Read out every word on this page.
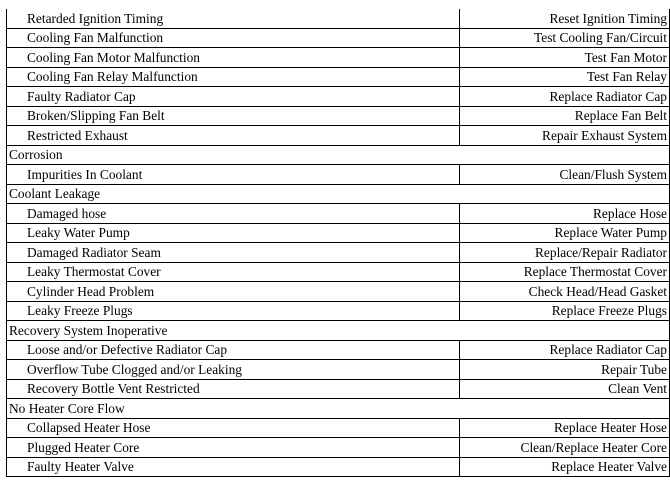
Retarded Ignition Timing	Reset Ignition Timing
Cooling Fan Malfunction	Test Cooling Fan/Circuit
Cooling Fan Motor Malfunction	Test Fan Motor
Cooling Fan Relay Malfunction	Test Fan Relay
Faulty Radiator Cap	Replace Radiator Cap
Broken/Slipping Fan Belt	Replace Fan Belt
Restricted Exhaust	Repair Exhaust System
Corrosion	
Impurities In Coolant	Clean/Flush System
Coolant Leakage	
Damaged hose	Replace Hose
Leaky Water Pump	Replace Water Pump
Damaged Radiator Seam	Replace/Repair Radiator
Leaky Thermostat Cover	Replace Thermostat Cover
Cylinder Head Problem	Check Head/Head Gasket
Leaky Freeze Plugs	Replace Freeze Plugs
Recovery System Inoperative	
Loose and/or Defective Radiator Cap	Replace Radiator Cap
Overflow Tube Clogged and/or Leaking	Repair Tube
Recovery Bottle Vent Restricted	Clean Vent
No Heater Core Flow	
Collapsed Heater Hose	Replace Heater Hose
Plugged Heater Core	Clean/Replace Heater Core
Faulty Heater Valve	Replace Heater Valve
